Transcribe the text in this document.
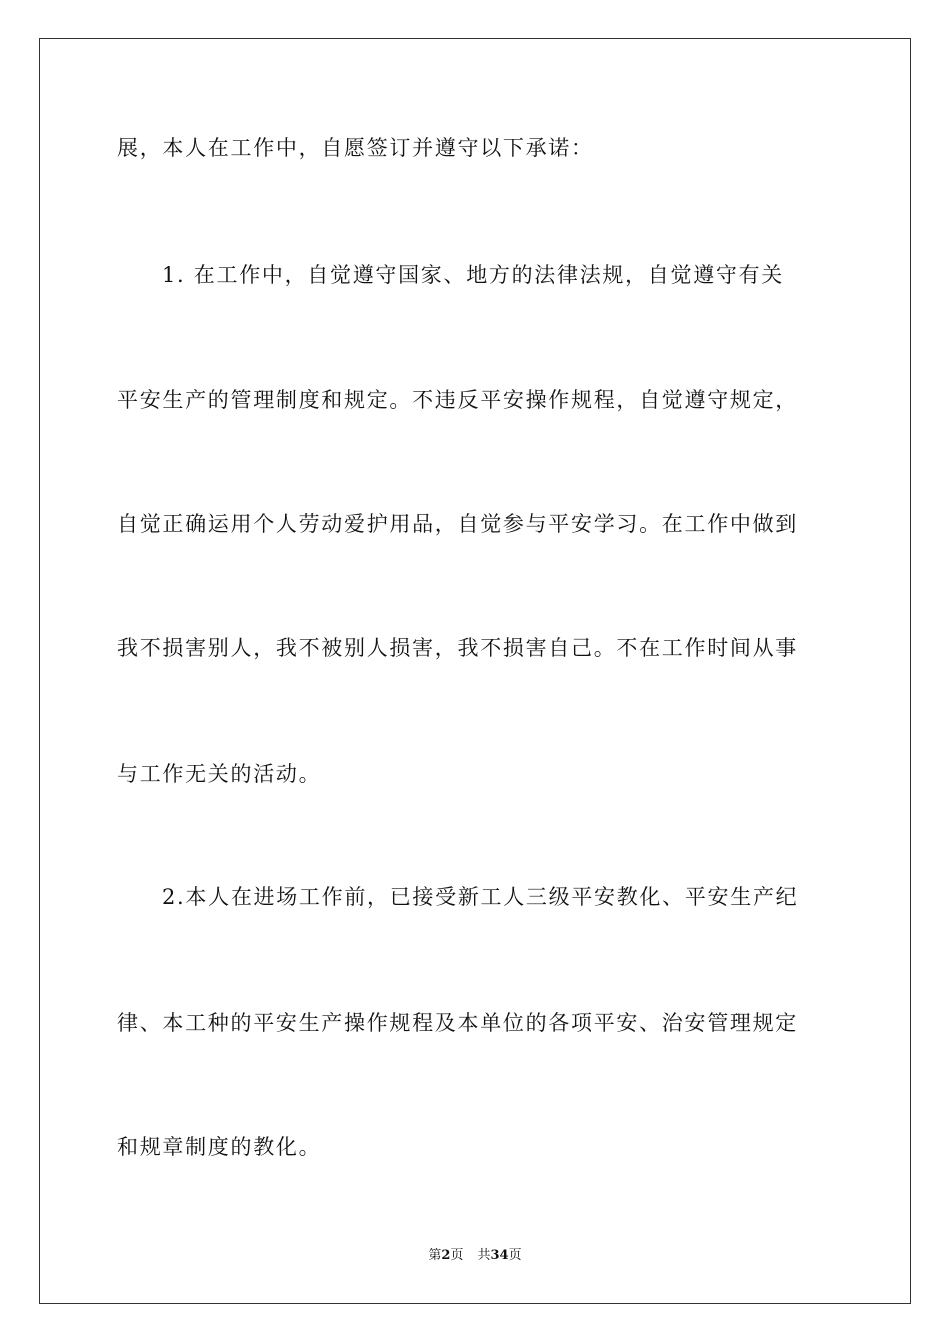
展，本人在工作中，自愿签订并遵守以下承诺：
1. 在工作中，自觉遵守国家、地方的法律法规，自觉遵守有关
平安生产的管理制度和规定。不违反平安操作规程，自觉遵守规定，
自觉正确运用个人劳动爱护用品，自觉参与平安学习。在工作中做到
我不损害别人，我不被别人损害，我不损害自己。不在工作时间从事
与工作无关的活动。
2.本人在进场工作前，已接受新工人三级平安教化、平安生产纪
律、本工种的平安生产操作规程及本单位的各项平安、治安管理规定
和规章制度的教化。
第2页 共34页
